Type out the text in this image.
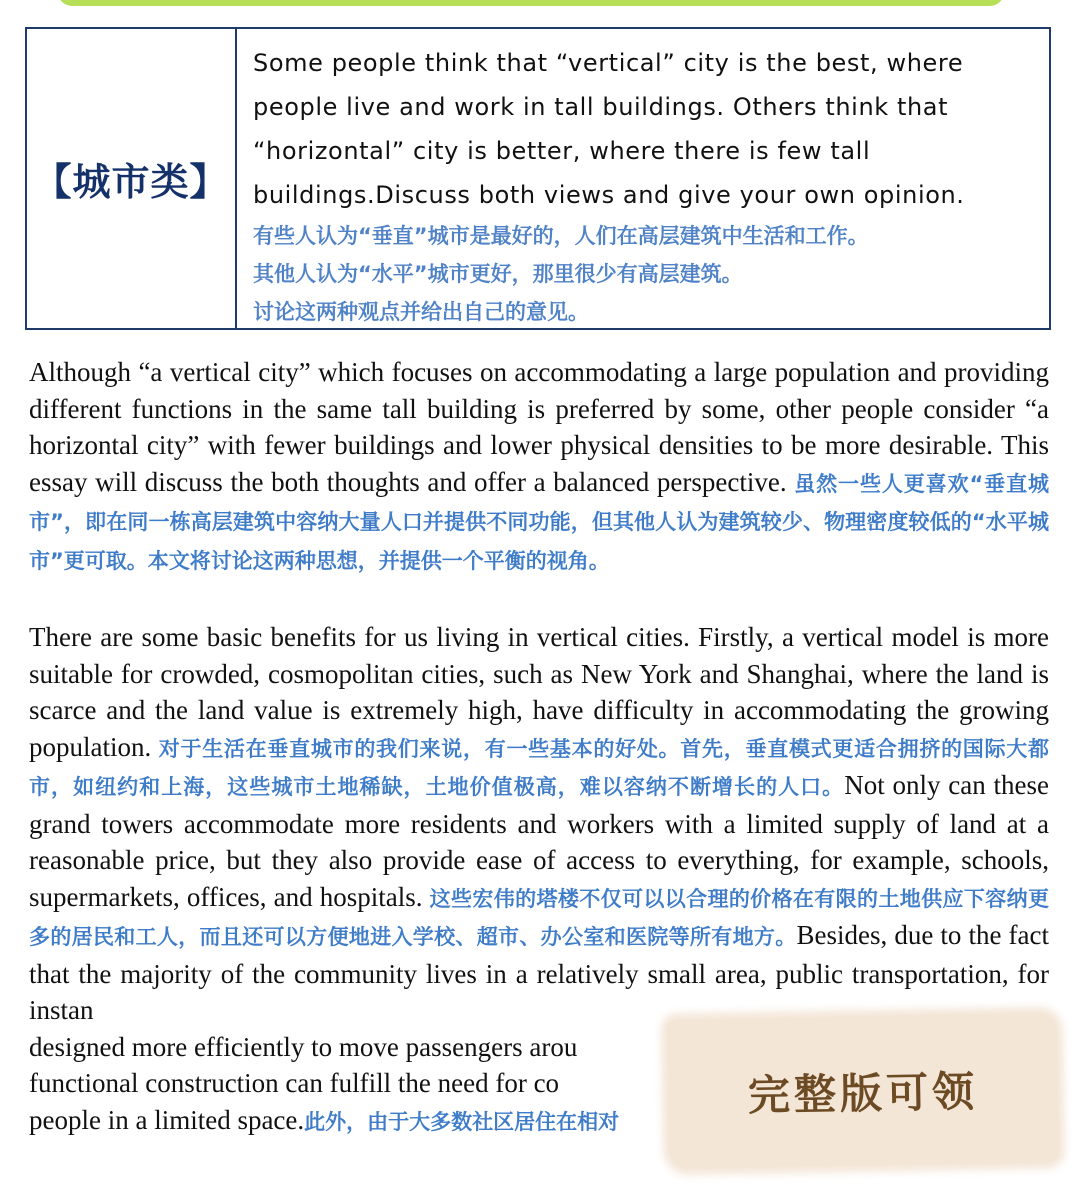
【城市类】

Some people think that “vertical” city is the best, where people live and work in tall buildings. Others think that “horizontal” city is better, where there is few tall buildings.Discuss both views and give your own opinion.

有些人认为“垂直”城市是最好的，人们在高层建筑中生活和工作。

其他人认为“水平”城市更好，那里很少有高层建筑。

讨论这两种观点并给出自己的意见。

Although “a vertical city” which focuses on accommodating a large population and providing different functions in the same tall building is preferred by some, other people consider “a horizontal city” with fewer buildings and lower physical densities to be more desirable. This essay will discuss the both thoughts and offer a balanced perspective. 虽然一些人更喜欢“垂直城市”，即在同一栋高层建筑中容纳大量人口并提供不同功能，但其他人认为建筑较少、物理密度较低的“水平城市”更可取。本文将讨论这两种思想，并提供一个平衡的视角。

There are some basic benefits for us living in vertical cities. Firstly, a vertical model is more suitable for crowded, cosmopolitan cities, such as New York and Shanghai, where the land is scarce and the land value is extremely high, have difficulty in accommodating the growing population. 对于生活在垂直城市的我们来说，有一些基本的好处。首先，垂直模式更适合拥挤的国际大都市，如纽约和上海，这些城市土地稀缺，土地价值极高，难以容纳不断增长的人口。Not only can these grand towers accommodate more residents and workers with a limited supply of land at a reasonable price, but they also provide ease of access to everything, for example, schools, supermarkets, offices, and hospitals. 这些宏伟的塔楼不仅可以以合理的价格在有限的土地供应下容纳更多的居民和工人，而且还可以方便地进入学校、超市、办公室和医院等所有地方。Besides, due to the fact that the majority of the community lives in a relatively small area, public transportation, for instan
designed more efficiently to move passengers arou
functional construction can fulfill the need for co
people in a limited space.此外，由于大多数社区居住在相对

完整版可领
